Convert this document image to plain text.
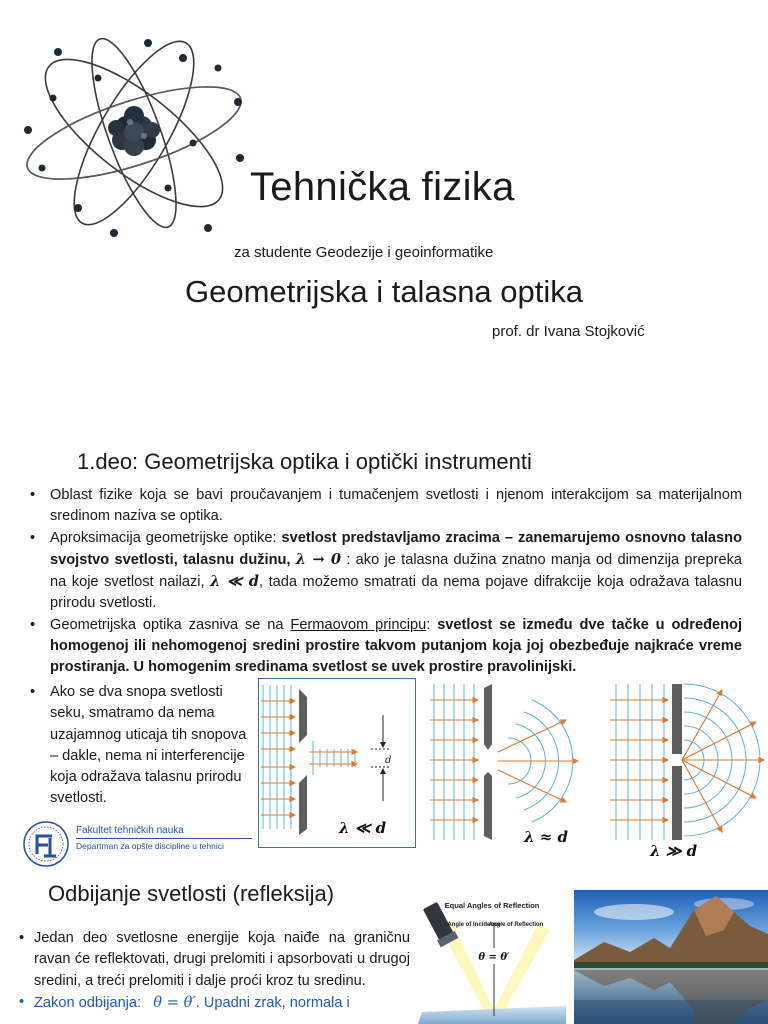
Tehnička fizika
za studente Geodezije i geoinformatike
Geometrijska i talasna optika
prof. dr Ivana Stojković
1.deo: Geometrijska optika i optički instrumenti
• Oblast fizike koja se bavi proučavanjem i tumačenjem svetlosti i njenom interakcijom sa materijalnom sredinom naziva se optika.
• Aproksimacija geometrijske optike: svetlost predstavljamo zracima – zanemarujemo osnovno talasno svojstvo svetlosti, talasnu dužinu, λ → 0 : ako je talasna dužina znatno manja od dimenzija prepreka na koje svetlost nailazi, λ ≪ d, tada možemo smatrati da nema pojave difrakcije koja odražava talasnu prirodu svetlosti.
• Geometrijska optika zasniva se na Fermaovom principu: svetlost se između dve tačke u određenoj homogenoj ili nehomogenoj sredini prostire takvom putanjom koja joj obezbeđuje najkraće vreme prostiranja. U homogenim sredinama svetlost se uvek prostire pravolinijski.
• Ako se dva snopa svetlosti seku, smatramo da nema uzajamnog uticaja tih snopova – dakle, nema ni interferencije koja odražava talasnu prirodu svetlosti.
d
λ ≪ d	λ ≈ d
λ ≫ d
Fakultet tehničkih nauka
Departman za opšte discipline u tehnici
Odbijanje svetlosti (refleksija)
• Jedan deo svetlosne energije koja naiđe na graničnu ravan će reflektovati, drugi prelomiti i apsorbovati u drugoj sredini, a treći prelomiti i dalje proći kroz tu sredinu.
• Zakon odbijanja: θ = θ′. Upadni zrak, normala i
Equal Angles of Reflection
Angle of Incidence
Angle of Reflection
θ = θ′
